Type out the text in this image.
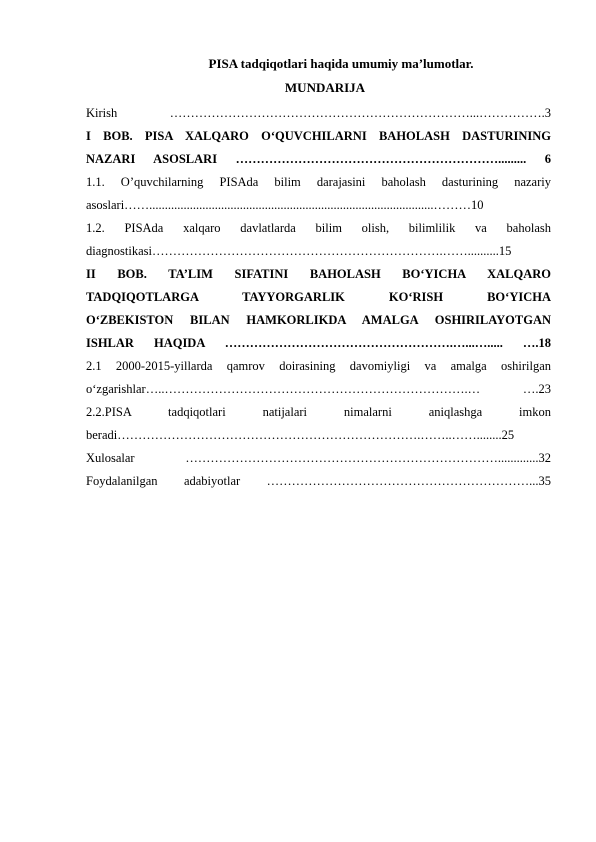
PISA tadqiqotlari haqida umumiy ma’lumotlar.
MUNDARIJA

Kirish ………………………………………………………………...…………….3

I BOB. PISA XALQARO O‘QUVCHILARNI BAHOLASH DASTURINING

NAZARI ASOSLARI ………………………………………………………......... 6

1.1. O’quvchilarning PISAda bilim darajasini baholash dasturining nazariy

asoslari……...........................................................................................………10

1.2. PISAda xalqaro davlatlarda bilim olish, bilimlilik va baholash

diagnostikasi…………………………………………………………….……..........15

II BOB. TA’LIM SIFATINI BAHOLASH BO‘YICHA XALQARO

TADQIQOTLARGA TAYYORGARLIK KO‘RISH BO‘YICHA

O‘ZBEKISTON BILAN HAMKORLIKDA AMALGA OSHIRILAYOTGAN

ISHLAR HAQIDA ……………………………………………….…...…..... ….18

2.1 2000-2015-yillarda qamrov doirasining davomiyligi va amalga oshirilgan

o‘zgarishlar…..……………………………………………………………….… ….23

2.2.PISA tadqiqotlari natijalari nimalarni aniqlashga imkon

beradi……………………………………………………………….……..……........25

Xulosalar ………………………………………………………………….............32

Foydalanilgan adabiyotlar ………………………………………………………...35
